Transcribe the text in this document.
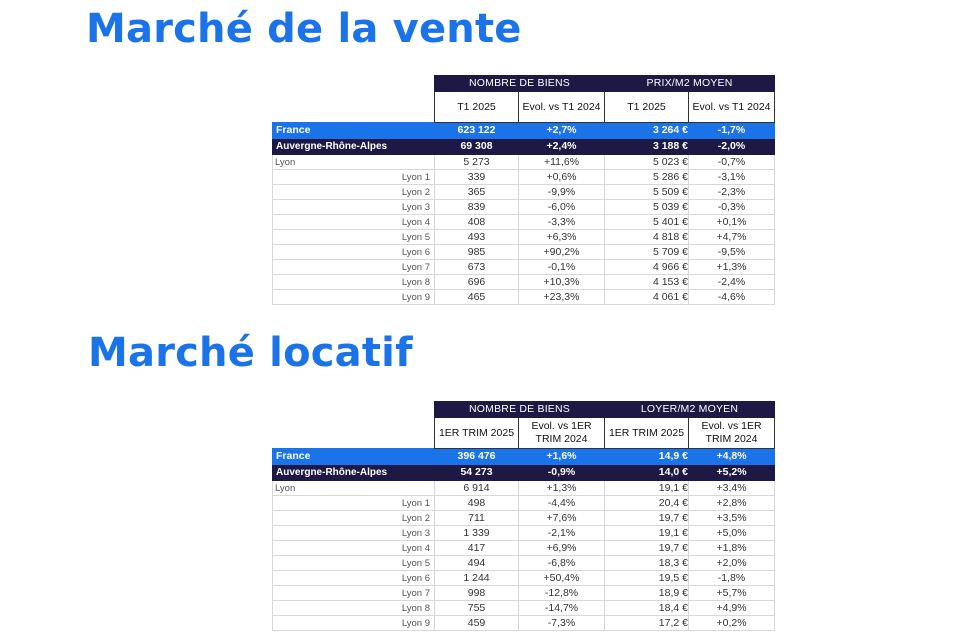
Marché de la vente
	NOMBRE DE BIENS		PRIX/M2 MOYEN	
	T1 2025	Evol. vs T1 2024	T1 2025	Evol. vs T1 2024
France	623 122	+2,7%	3 264 €	-1,7%
Auvergne-Rhône-Alpes	69 308	+2,4%	3 188 €	-2,0%
Lyon	5 273	+11,6%	5 023 €	-0,7%
Lyon 1	339	+0,6%	5 286 €	-3,1%
Lyon 2	365	-9,9%	5 509 €	-2,3%
Lyon 3	839	-6,0%	5 039 €	-0,3%
Lyon 4	408	-3,3%	5 401 €	+0,1%
Lyon 5	493	+6,3%	4 818 €	+4,7%
Lyon 6	985	+90,2%	5 709 €	-9,5%
Lyon 7	673	-0,1%	4 966 €	+1,3%
Lyon 8	696	+10,3%	4 153 €	-2,4%
Lyon 9	465	+23,3%	4 061 €	-4,6%
Marché locatif
	NOMBRE DE BIENS		LOYER/M2 MOYEN	
	1ER TRIM 2025	Evol. vs 1ER TRIM 2024	1ER TRIM 2025	Evol. vs 1ER TRIM 2024
France	396 476	+1,6%	14,9 €	+4,8%
Auvergne-Rhône-Alpes	54 273	-0,9%	14,0 €	+5,2%
Lyon	6 914	+1,3%	19,1 €	+3,4%
Lyon 1	498	-4,4%	20,4 €	+2,8%
Lyon 2	711	+7,6%	19,7 €	+3,5%
Lyon 3	1 339	-2,1%	19,1 €	+5,0%
Lyon 4	417	+6,9%	19,7 €	+1,8%
Lyon 5	494	-6,8%	18,3 €	+2,0%
Lyon 6	1 244	+50,4%	19,5 €	-1,8%
Lyon 7	998	-12,8%	18,9 €	+5,7%
Lyon 8	755	-14,7%	18,4 €	+4,9%
Lyon 9	459	-7,3%	17,2 €	+0,2%
